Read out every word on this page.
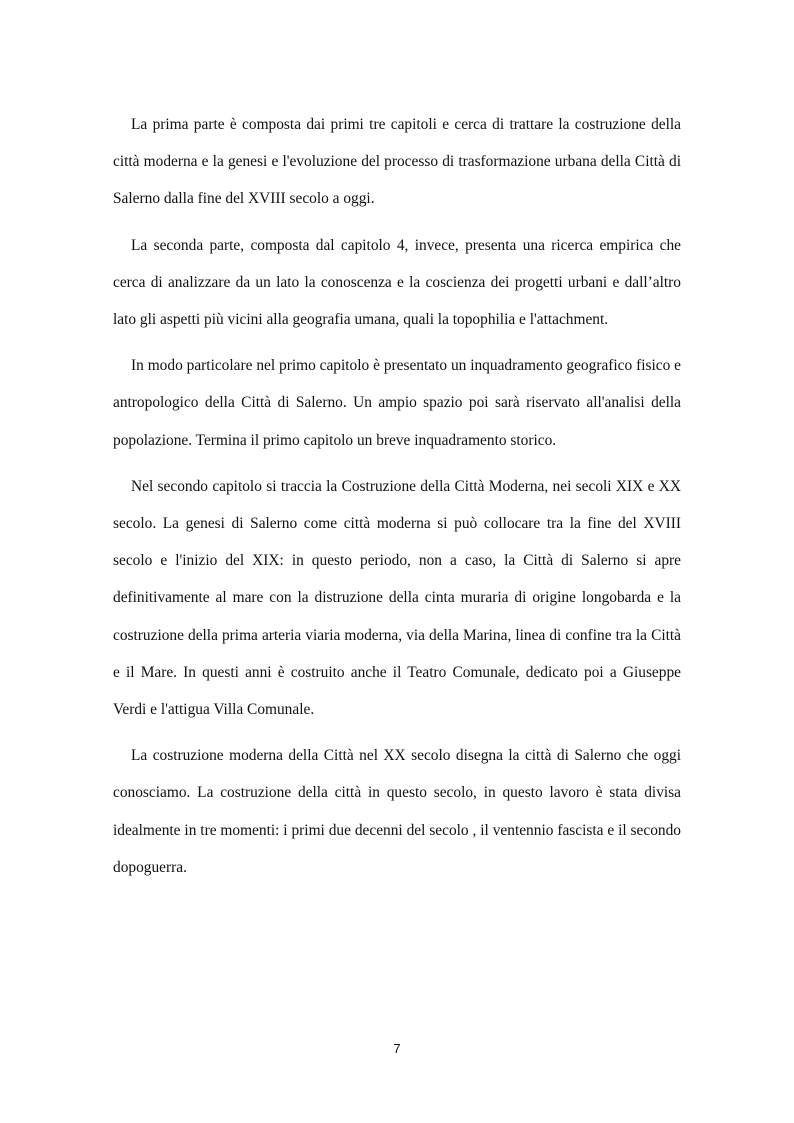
La prima parte è composta dai primi tre capitoli e cerca di trattare la costruzione della città moderna e la genesi e l'evoluzione del processo di trasformazione urbana della Città di Salerno dalla fine del XVIII secolo a oggi.

La seconda parte, composta dal capitolo 4, invece, presenta una ricerca empirica che cerca di analizzare da un lato la conoscenza e la coscienza dei progetti urbani e dall’altro lato gli aspetti più vicini alla geografia umana, quali la topophilia e l'attachment.

In modo particolare nel primo capitolo è presentato un inquadramento geografico fisico e antropologico della Città di Salerno. Un ampio spazio poi sarà riservato all'analisi della popolazione. Termina il primo capitolo un breve inquadramento storico.

Nel secondo capitolo si traccia la Costruzione della Città Moderna, nei secoli XIX e XX secolo. La genesi di Salerno come città moderna si può collocare tra la fine del XVIII secolo e l'inizio del XIX: in questo periodo, non a caso, la Città di Salerno si apre definitivamente al mare con la distruzione della cinta muraria di origine longobarda e la costruzione della prima arteria viaria moderna, via della Marina, linea di confine tra la Città e il Mare. In questi anni è costruito anche il Teatro Comunale, dedicato poi a Giuseppe Verdi e l'attigua Villa Comunale.

La costruzione moderna della Città nel XX secolo disegna la città di Salerno che oggi conosciamo. La costruzione della città in questo secolo, in questo lavoro è stata divisa idealmente in tre momenti: i primi due decenni del secolo , il ventennio fascista e il secondo dopoguerra.

7
